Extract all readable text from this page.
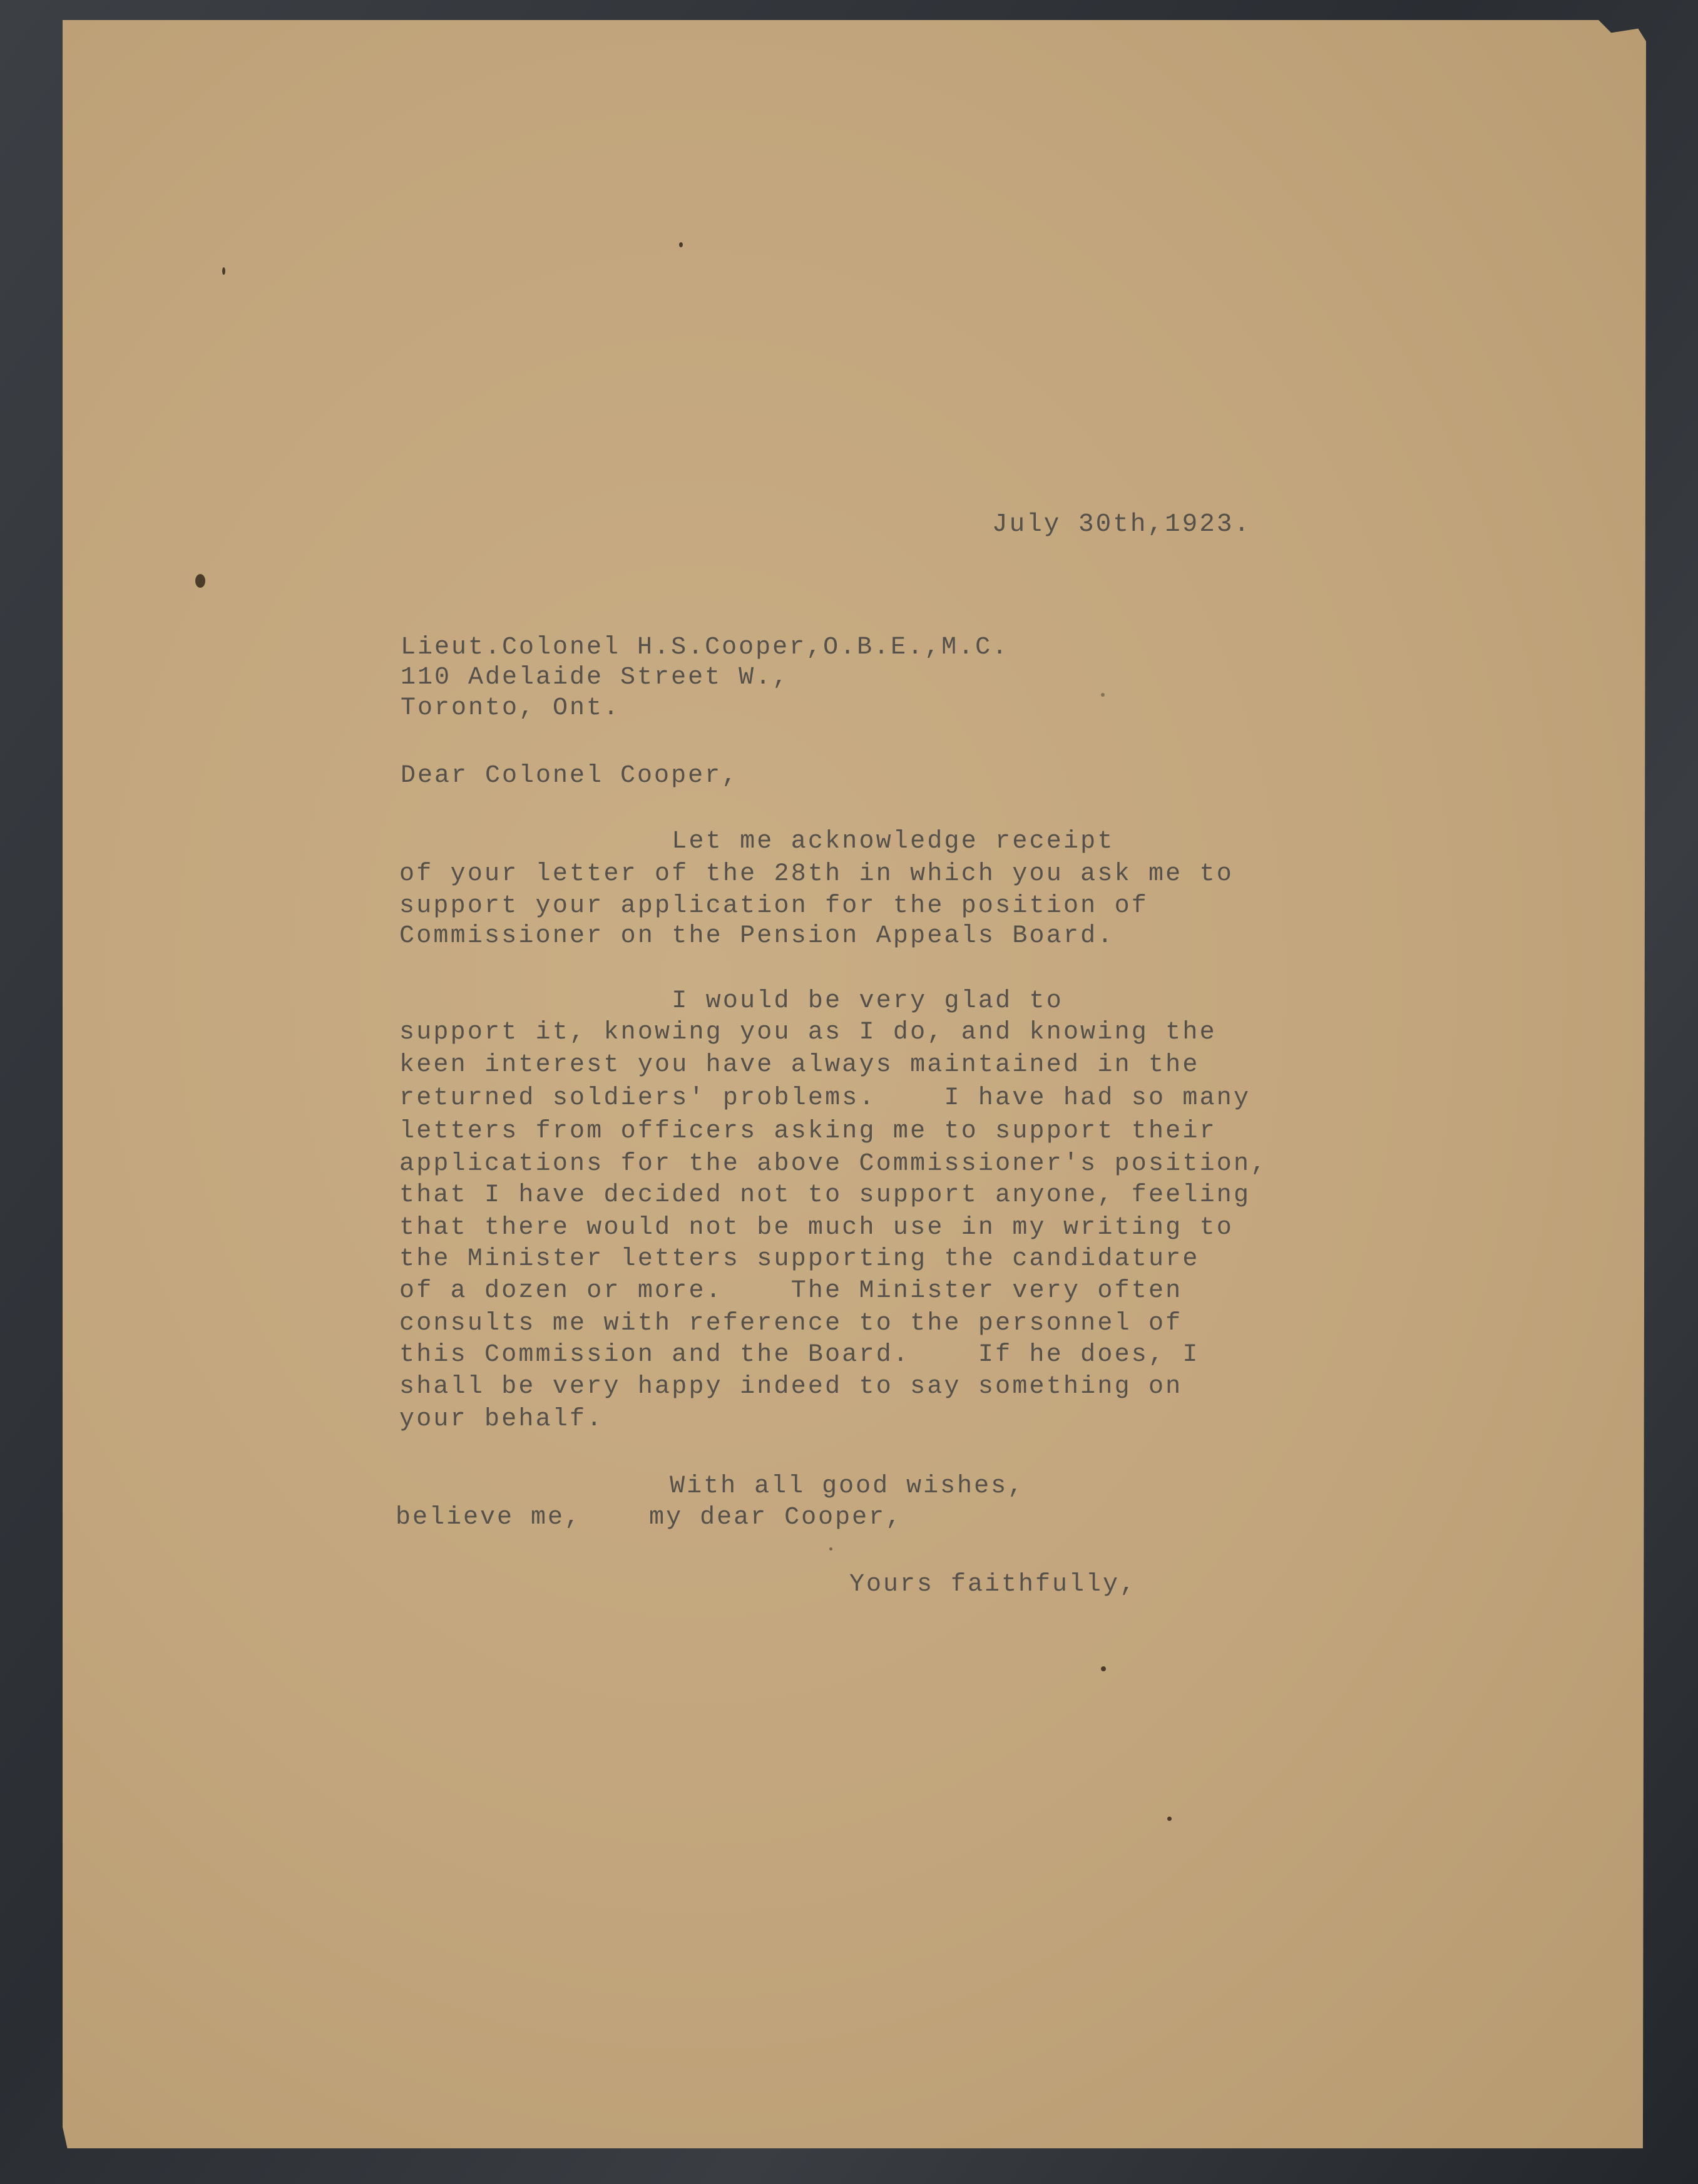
July 30th,1923.
Lieut.Colonel H.S.Cooper,O.B.E.,M.C.
110 Adelaide Street W.,
Toronto, Ont.
Dear Colonel Cooper,
Let me acknowledge receipt
of your letter of the 28th in which you ask me to
support your application for the position of
Commissioner on the Pension Appeals Board.
I would be very glad to
support it, knowing you as I do, and knowing the
keen interest you have always maintained in the
returned soldiers' problems.    I have had so many
letters from officers asking me to support their
applications for the above Commissioner's position,
that I have decided not to support anyone, feeling
that there would not be much use in my writing to
the Minister letters supporting the candidature
of a dozen or more.    The Minister very often
consults me with reference to the personnel of
this Commission and the Board.    If he does, I
shall be very happy indeed to say something on
your behalf.
With all good wishes,
believe me,    my dear Cooper,
Yours faithfully,
